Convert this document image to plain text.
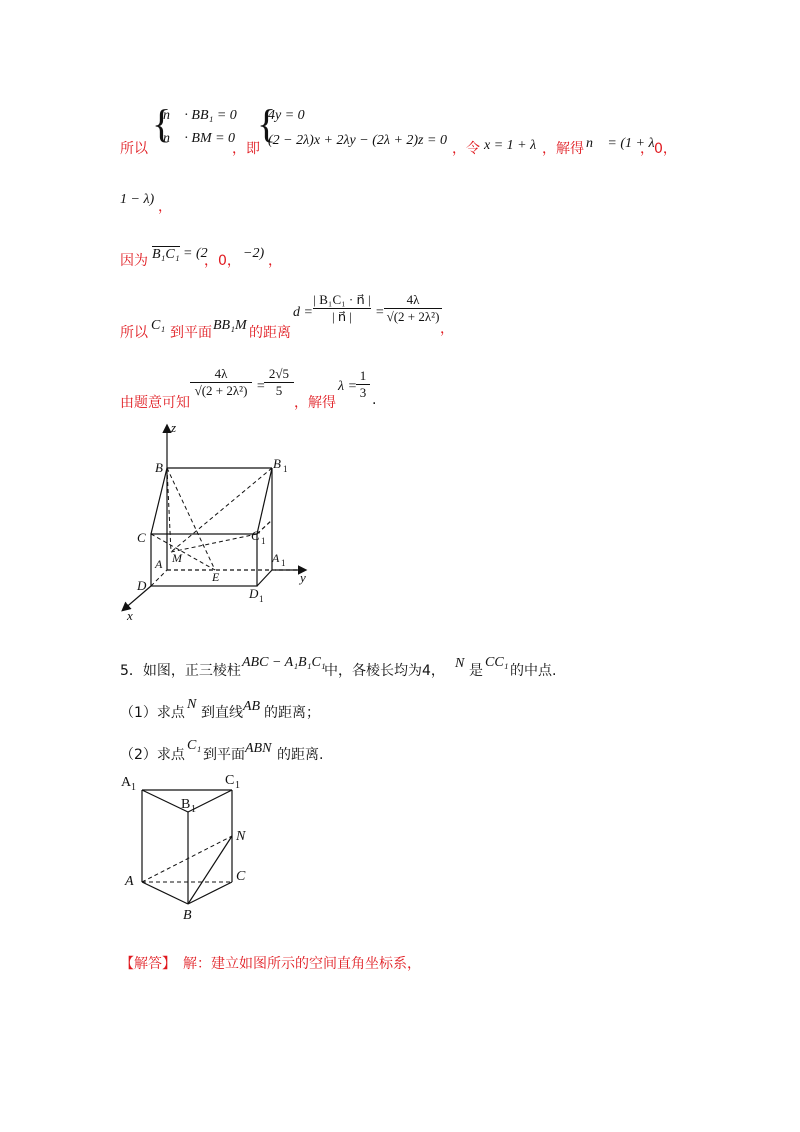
所以
{
n⃗ · BB₁ = 0
n⃗ · BM = 0
，即
{
4y = 0
(2 − 2λ)x + 2λy − (2λ + 2)z = 0
，令 x = 1 + λ ，解得 n⃗ = (1 + λ
，0，
1 − λ) ，
因为 B₁C₁ = (2
，0， −2) ，
所以 C₁ 到平面 BB₁M 的距离
$d = \frac{\text{| B₁C₁ · n⃗ |}}{| n⃗ |} = \frac{4\lambda}{\text{√(2 + 2λ²)}}$
，
由题意可知
$\frac{4\lambda}{\text{√(2 + 2λ²)}}$ =
$\frac{2√5}{5}$
，解得
λ =
$\frac{1}{3}$ .
z
y
x
B	B 1
C	C 1
M
A	A 1
E
D
D 1
5．如图，正三棱柱
ABC − A₁B₁C₁
中，各棱长均为4， N 是
CC₁
的中点.
（1）求点
N
到直线 AB 的距离；
（2）求点
C₁
到平面 ABN 的距离.
A 1	C 1
B 1
N
A	C
B
【解答】 解：建立如图所示的空间直角坐标系，
